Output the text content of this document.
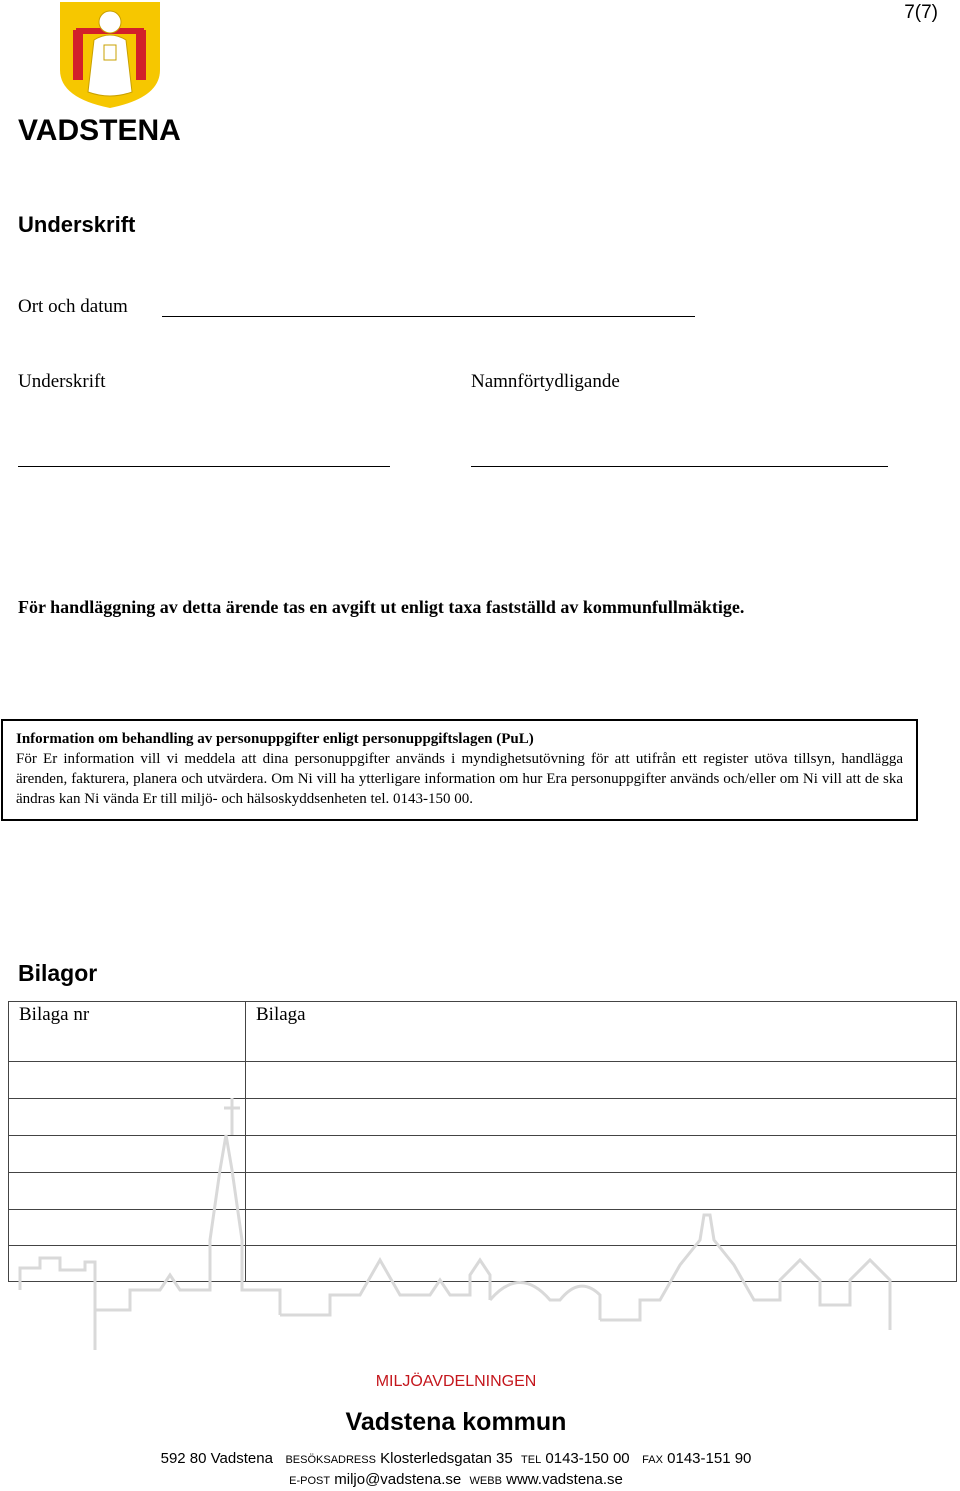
7(7)
VADSTENA
Underskrift
Ort och datum
Underskrift	Namnförtydligande
För handläggning av detta ärende tas en avgift ut enligt taxa fastställd av kommunfullmäktige.
Information om behandling av personuppgifter enligt personuppgiftslagen (PuL)
För Er information vill vi meddela att dina personuppgifter används i myndighetsutövning för att utifrån ett register utöva tillsyn, handlägga ärenden, fakturera, planera och utvärdera. Om Ni vill ha ytterligare information om hur Era personuppgifter används och/eller om Ni vill att de ska ändras kan Ni vända Er till miljö- och hälsoskyddsenheten tel. 0143-150 00.
Bilagor
Bilaga nr	Bilaga

MILJÖAVDELNINGEN
Vadstena kommun
592 80 Vadstena BESÖKSADRESS Klosterledsgatan 35 TEL 0143-150 00 FAX 0143-151 90
E-POST miljo@vadstena.se WEBB www.vadstena.se
